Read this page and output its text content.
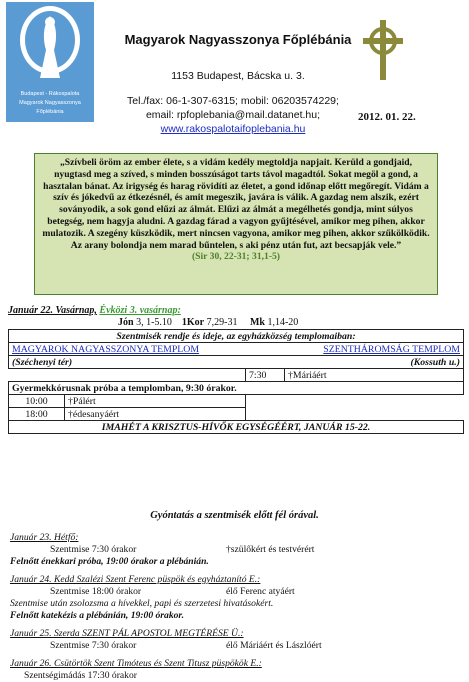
Budapest - Rákospalota
Magyarok Nagyasszonya
Főplébánia
Magyarok Nagyasszonya Főplébánia
1153 Budapest, Bácska u. 3.
Tel./fax: 06-1-307-6315; mobil: 06203574229;
email: rpfoplebania@mail.datanet.hu;
www.rakospalotaifoplebania.hu
2012. 01. 22.
„Szívbeli öröm az ember élete, s a vidám kedély megtoldja napjait. Kerüld a gondjaid, nyugtasd meg a szíved, s minden bosszúságot tarts távol magadtól. Sokat megöl a gond, a hasztalan bánat. Az irigység és harag rövidíti az életet, a gond időnap előtt megőregít. Vidám a szív és jókedvű az étkezésnél, és amit megeszik, javára is válik. A gazdag nem alszik, ezért soványodik, a sok gond elűzi az álmát. Elűzi az álmát a megélhetés gondja, mint súlyos betegség, nem hagyja aludni. A gazdag fárad a vagyon gyűjtésével, amikor meg pihen, akkor mulatozik. A szegény küszködik, mert nincsen vagyona, amikor meg pihen, akkor szűkölködik. Az arany bolondja nem marad bűntelen, s aki pénz után fut, azt becsapják vele.”
(Sir 30, 22-31; 31,1-5)
Január 22. Vasárnap, Évközi 3. vasárnap:
Jón 3, 1-5.10 1Kor 7,29-31 Mk 1,14-20
Szentmisék rendje és ideje, az egyházközség templomaiban:			
MAGYAROK NAGYASSZONYA TEMPLOM		SZENTHÁROMSÁG TEMPLOM	
(Széchenyi tér)		(Kossuth u.)	
		7:30	†Máriáért
Gyermekkórusnak próba a templomban, 9:30 órakor.			
10:00	†Pálért		
18:00	†édesanyáért		
IMAHÉT A KRISZTUS-HÍVŐK EGYSÉGÉÉRT, JANUÁR 15-22.			
Gyóntatás a szentmisék előtt fél órával.
Január 23. Hétfő:
Szentmise 7:30 órakor	†szülőkért és testvérért
Felnőtt énekkari próba, 19:00 órakor a plébánián.
Január 24. Kedd Szalézi Szent Ferenc püspök és egyháztanító E.:
Szentmise 18:00 órakor	élő Ferenc atyáért
Szentmise után zsolozsma a hívekkel, papi és szerzetesi hivatásokért.
Felnőtt katekézis a plébánián, 19:00 órakor.
Január 25. Szerda SZENT PÁL APOSTOL MEGTÉRÉSE Ü.:
Szentmise 7:30 órakor	élő Máriáért és Lászlóért
Január 26. Csütörtök Szent Timóteus és Szent Titusz püspökök E.:
Szentségimádás 17:30 órakor
